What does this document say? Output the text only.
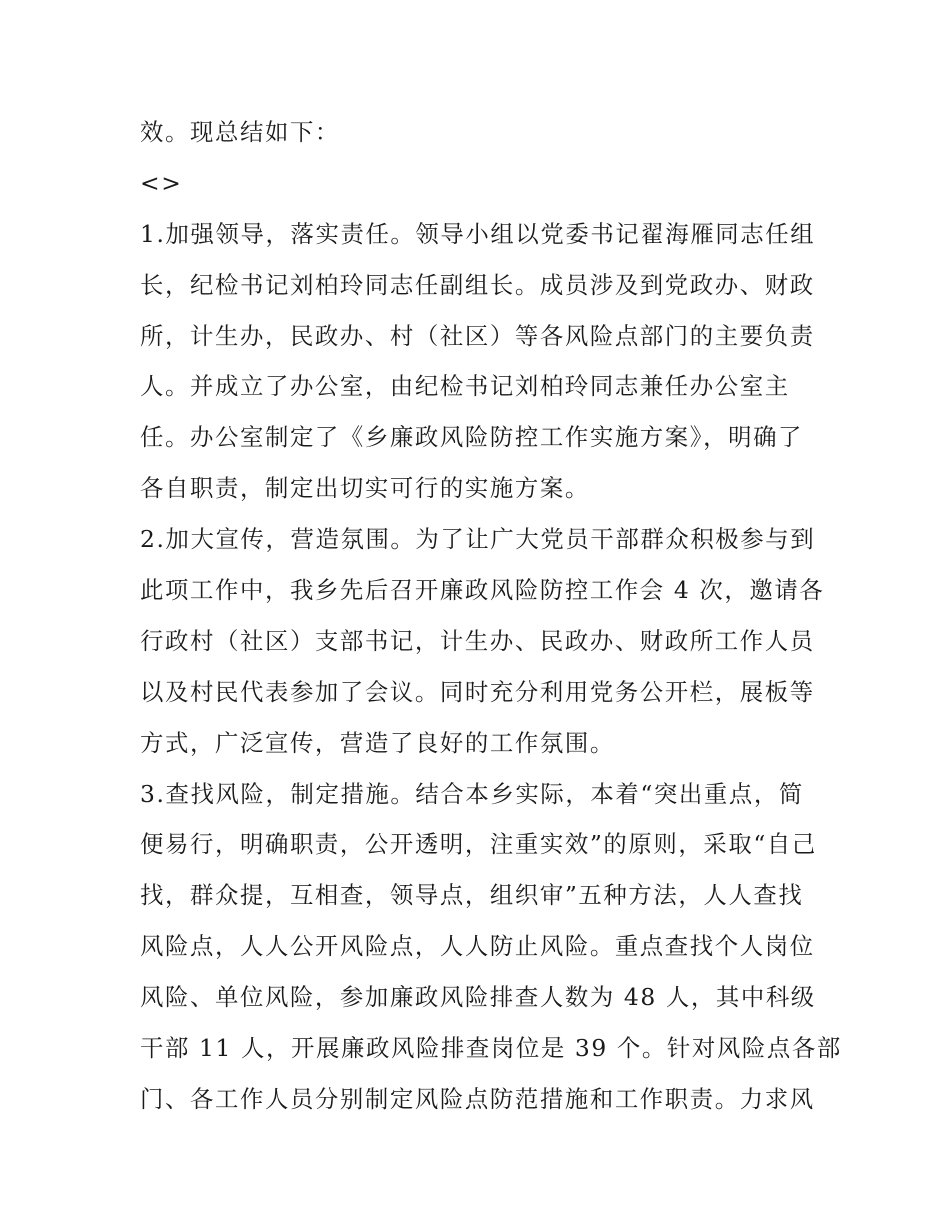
效。现总结如下：
<>
1.加强领导，落实责任。领导小组以党委书记翟海雁同志任组
长，纪检书记刘柏玲同志任副组长。成员涉及到党政办、财政
所，计生办，民政办、村（社区）等各风险点部门的主要负责
人。并成立了办公室，由纪检书记刘柏玲同志兼任办公室主
任。办公室制定了《乡廉政风险防控工作实施方案》，明确了
各自职责，制定出切实可行的实施方案。
2.加大宣传，营造氛围。为了让广大党员干部群众积极参与到
此项工作中，我乡先后召开廉政风险防控工作会 4 次，邀请各
行政村（社区）支部书记，计生办、民政办、财政所工作人员
以及村民代表参加了会议。同时充分利用党务公开栏，展板等
方式，广泛宣传，营造了良好的工作氛围。
3.查找风险，制定措施。结合本乡实际，本着“突出重点，简
便易行，明确职责，公开透明，注重实效”的原则，采取“自己
找，群众提，互相查，领导点，组织审”五种方法，人人查找
风险点，人人公开风险点，人人防止风险。重点查找个人岗位
风险、单位风险，参加廉政风险排查人数为 48 人，其中科级
干部 11 人，开展廉政风险排查岗位是 39 个。针对风险点各部
门、各工作人员分别制定风险点防范措施和工作职责。力求风
